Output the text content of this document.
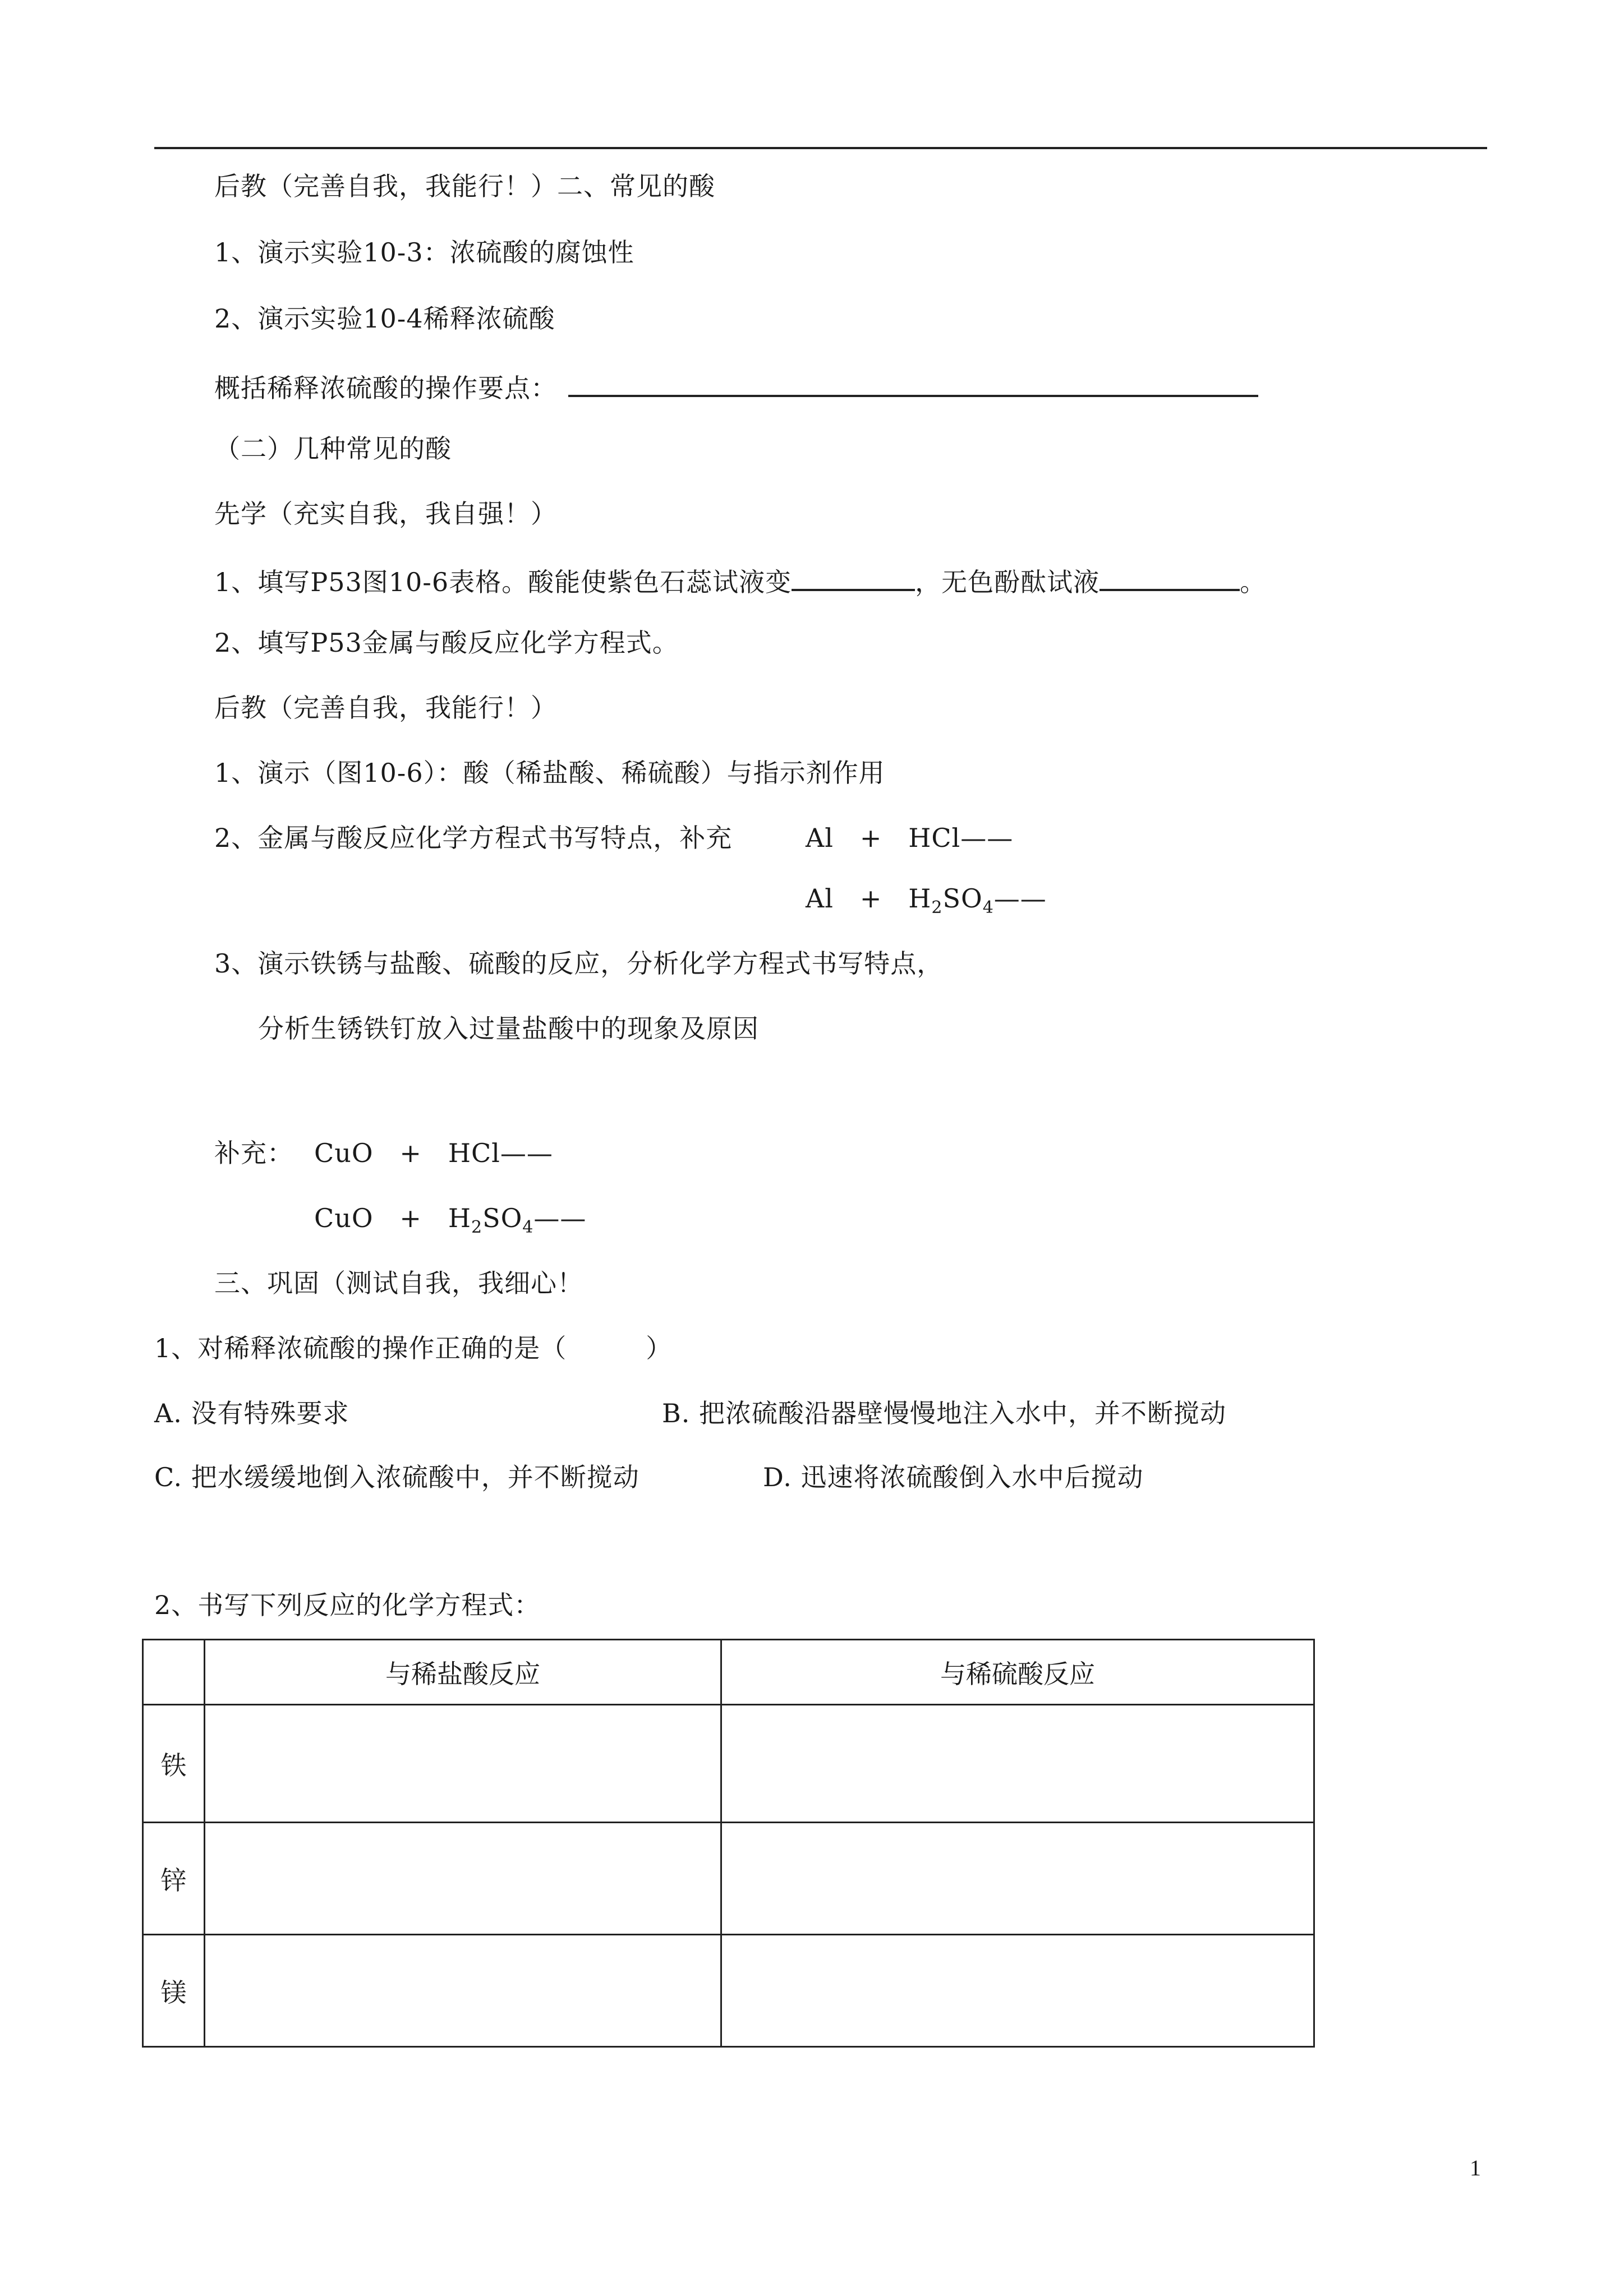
后教（完善自我，我能行！）二、常见的酸
1、演示实验10-3：浓硫酸的腐蚀性
2、演示实验10-4稀释浓硫酸
概括稀释浓硫酸的操作要点：
（二）几种常见的酸
先学（充实自我，我自强！）
1、填写P53图10-6表格。酸能使紫色石蕊试液变	，无色酚酞试液	。
2、填写P53金属与酸反应化学方程式。
后教（完善自我，我能行！）
1、演示（图10-6）：酸（稀盐酸、稀硫酸）与指示剂作用
2、金属与酸反应化学方程式书写特点，补充	Al + HCl——
$Al + H_2SO_4——$
3、演示铁锈与盐酸、硫酸的反应，分析化学方程式书写特点，
分析生锈铁钉放入过量盐酸中的现象及原因
补充： CuO + HCl——
CuO + $H_2SO_4——$
三、巩固（测试自我，我细心！
1、对稀释浓硫酸的操作正确的是（　　　）
A. 没有特殊要求	B. 把浓硫酸沿器壁慢慢地注入水中，并不断搅动
C. 把水缓缓地倒入浓硫酸中，并不断搅动	D. 迅速将浓硫酸倒入水中后搅动
2、书写下列反应的化学方程式：
	与稀盐酸反应	与稀硫酸反应
铁		
锌		
镁		
1
